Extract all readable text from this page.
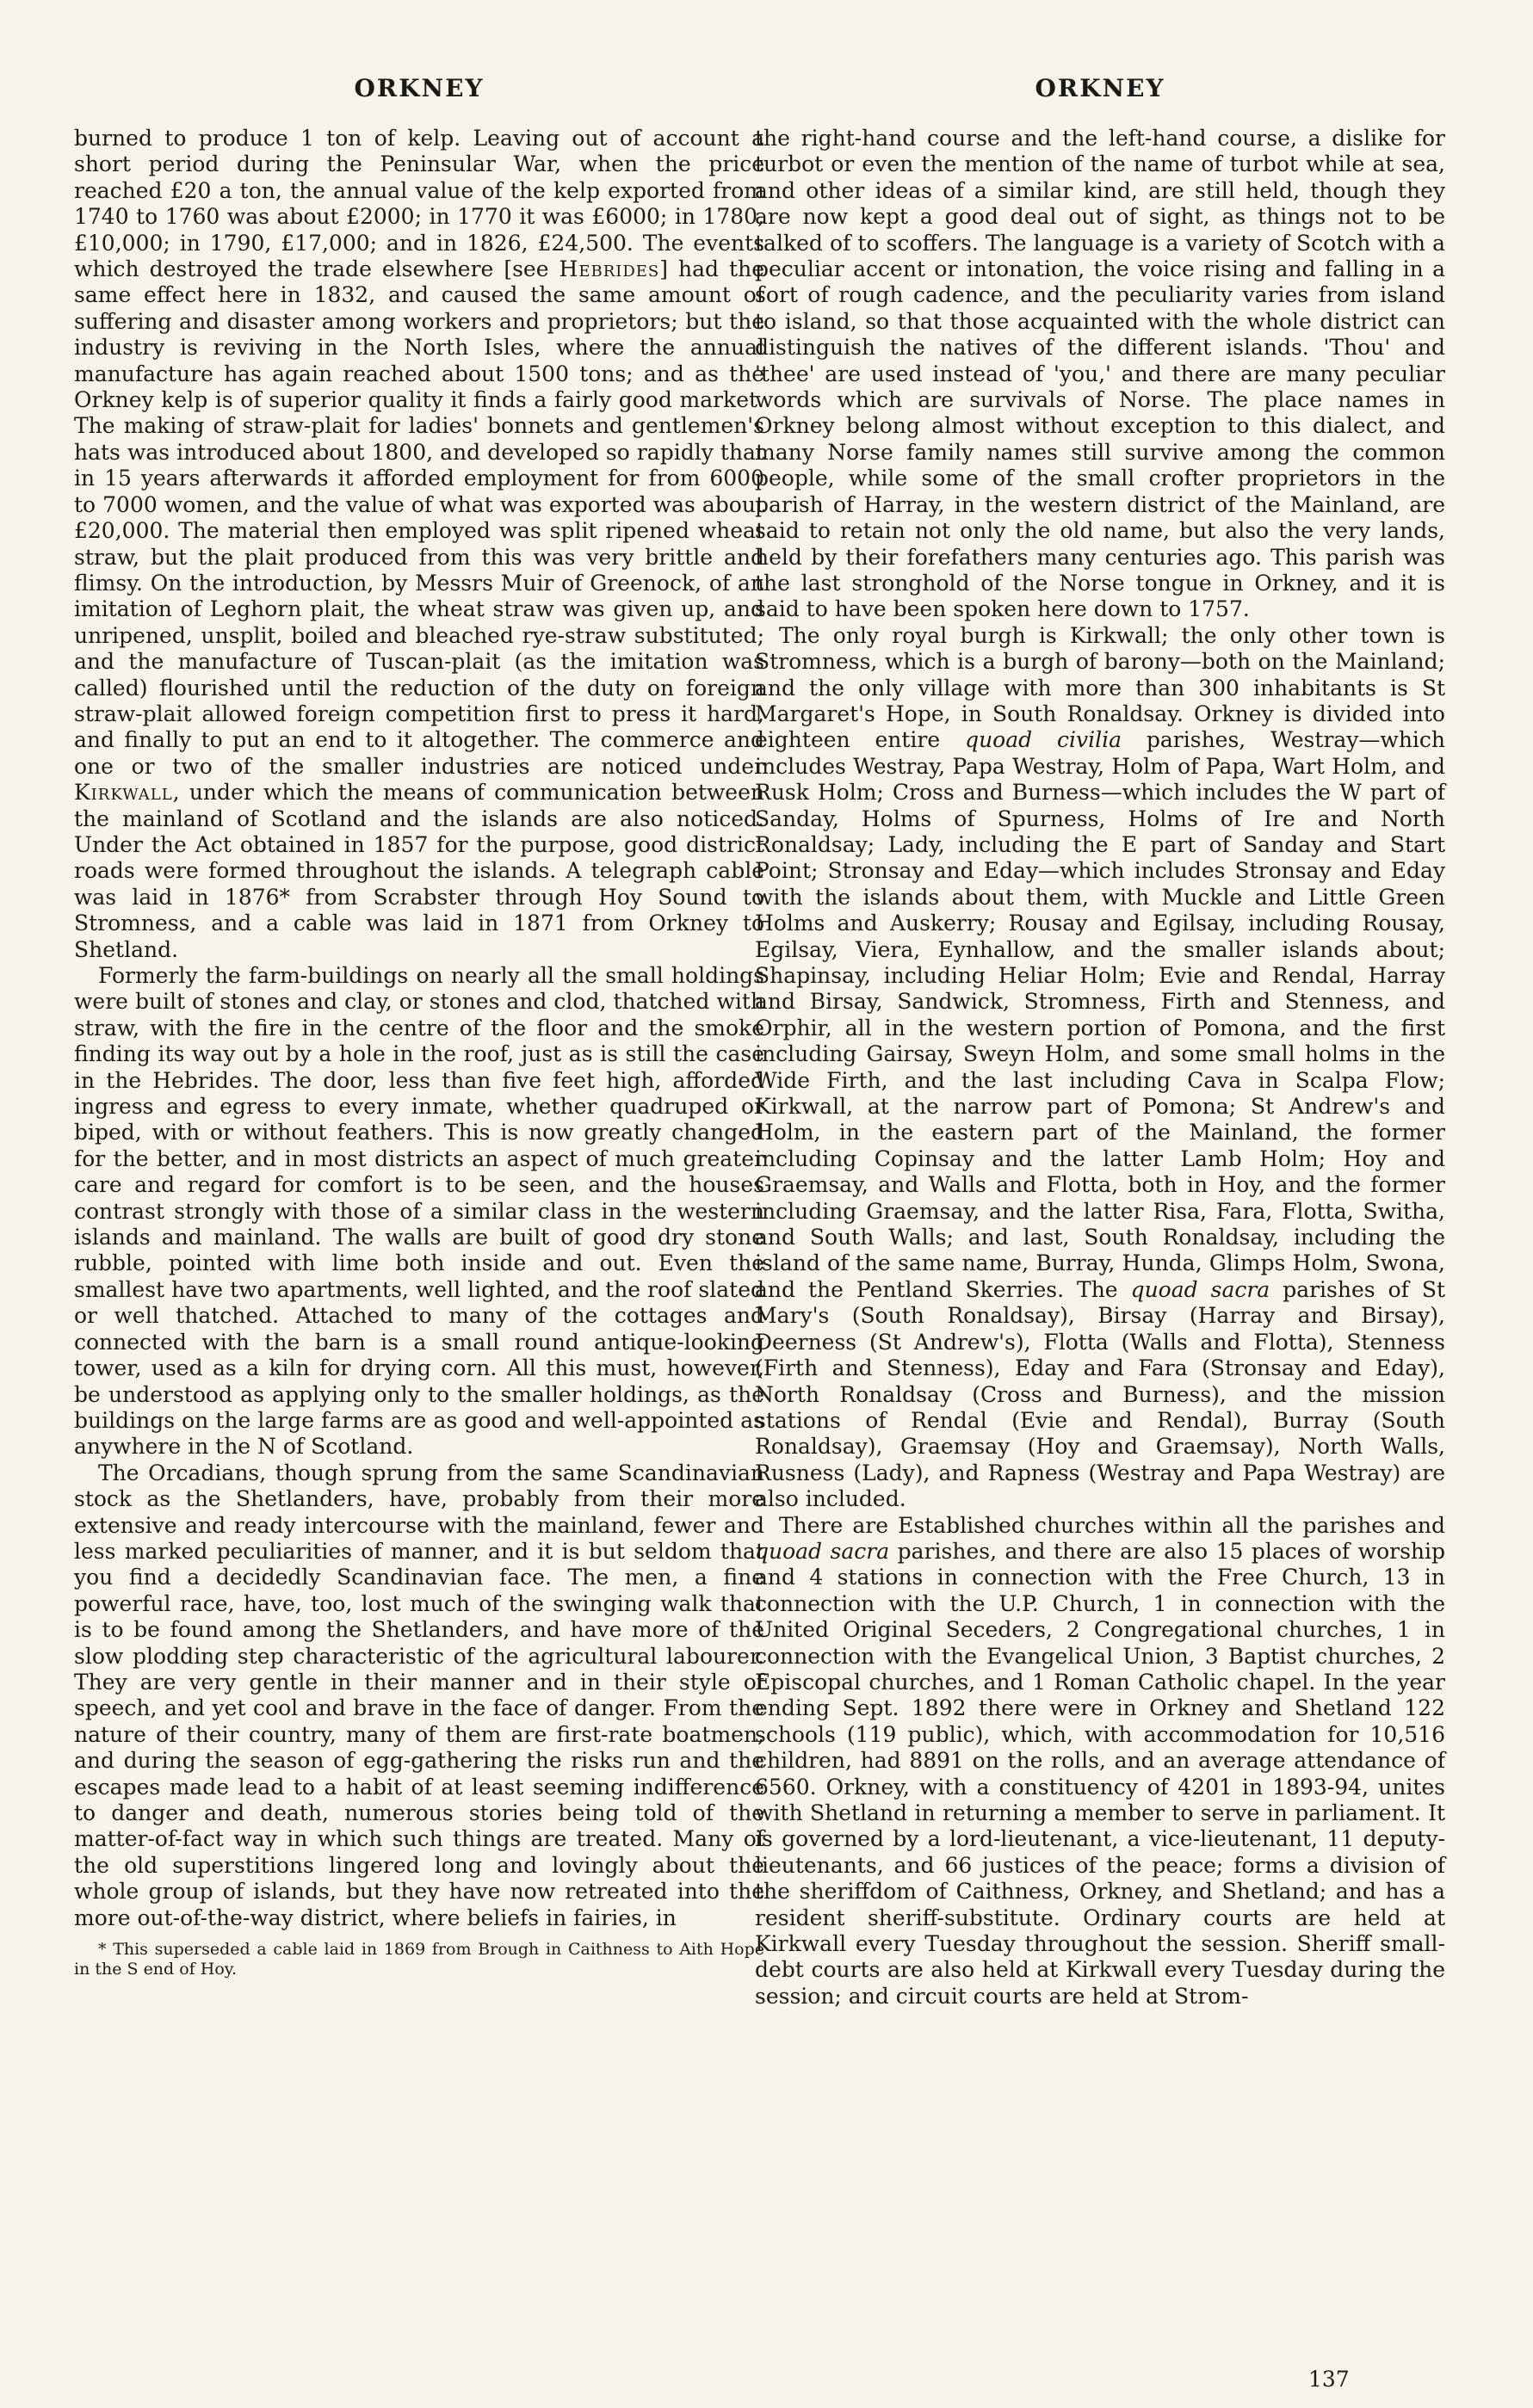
ORKNEY	ORKNEY

burned to produce 1 ton of kelp. Leaving out of account a short period during the Peninsular War, when the price reached £20 a ton, the annual value of the kelp exported from 1740 to 1760 was about £2000; in 1770 it was £6000; in 1780, £10,000; in 1790, £17,000; and in 1826, £24,500. The events which destroyed the trade elsewhere [see Hebrides] had the same effect here in 1832, and caused the same amount of suffering and disaster among workers and proprietors; but the industry is reviving in the North Isles, where the annual manufacture has again reached about 1500 tons; and as the Orkney kelp is of superior quality it finds a fairly good market. The making of straw-plait for ladies' bonnets and gentlemen's hats was introduced about 1800, and developed so rapidly that in 15 years afterwards it afforded employment for from 6000 to 7000 women, and the value of what was exported was about £20,000. The material then employed was split ripened wheat straw, but the plait produced from this was very brittle and flimsy. On the introduction, by Messrs Muir of Greenock, of an imitation of Leghorn plait, the wheat straw was given up, and unripened, unsplit, boiled and bleached rye-straw substituted; and the manufacture of Tuscan-plait (as the imitation was called) flourished until the reduction of the duty on foreign straw-plait allowed foreign competition first to press it hard, and finally to put an end to it altogether. The commerce and one or two of the smaller industries are noticed under Kirkwall, under which the means of communication between the mainland of Scotland and the islands are also noticed. Under the Act obtained in 1857 for the purpose, good district roads were formed throughout the islands. A telegraph cable was laid in 1876* from Scrabster through Hoy Sound to Stromness, and a cable was laid in 1871 from Orkney to Shetland.

Formerly the farm-buildings on nearly all the small holdings were built of stones and clay, or stones and clod, thatched with straw, with the fire in the centre of the floor and the smoke finding its way out by a hole in the roof, just as is still the case in the Hebrides. The door, less than five feet high, afforded ingress and egress to every inmate, whether quadruped or biped, with or without feathers. This is now greatly changed for the better, and in most districts an aspect of much greater care and regard for comfort is to be seen, and the houses contrast strongly with those of a similar class in the western islands and mainland. The walls are built of good dry stone rubble, pointed with lime both inside and out. Even the smallest have two apartments, well lighted, and the roof slated or well thatched. Attached to many of the cottages and connected with the barn is a small round antique-looking tower, used as a kiln for drying corn. All this must, however, be understood as applying only to the smaller holdings, as the buildings on the large farms are as good and well-appointed as anywhere in the N of Scotland.

The Orcadians, though sprung from the same Scandinavian stock as the Shetlanders, have, probably from their more extensive and ready intercourse with the mainland, fewer and less marked peculiarities of manner, and it is but seldom that you find a decidedly Scandinavian face. The men, a fine powerful race, have, too, lost much of the swinging walk that is to be found among the Shetlanders, and have more of the slow plodding step characteristic of the agricultural labourer. They are very gentle in their manner and in their style of speech, and yet cool and brave in the face of danger. From the nature of their country, many of them are first-rate boatmen, and during the season of egg-gathering the risks run and the escapes made lead to a habit of at least seeming indifference to danger and death, numerous stories being told of the matter-of-fact way in which such things are treated. Many of the old superstitions lingered long and lovingly about the whole group of islands, but they have now retreated into the more out-of-the-way district, where beliefs in fairies, in

* This superseded a cable laid in 1869 from Brough in Caithness to Aith Hope in the S end of Hoy.

the right-hand course and the left-hand course, a dislike for turbot or even the mention of the name of turbot while at sea, and other ideas of a similar kind, are still held, though they are now kept a good deal out of sight, as things not to be talked of to scoffers. The language is a variety of Scotch with a peculiar accent or intonation, the voice rising and falling in a sort of rough cadence, and the peculiarity varies from island to island, so that those acquainted with the whole district can distinguish the natives of the different islands. 'Thou' and 'thee' are used instead of 'you,' and there are many peculiar words which are survivals of Norse. The place names in Orkney belong almost without exception to this dialect, and many Norse family names still survive among the common people, while some of the small crofter proprietors in the parish of Harray, in the western district of the Mainland, are said to retain not only the old name, but also the very lands, held by their forefathers many centuries ago. This parish was the last stronghold of the Norse tongue in Orkney, and it is said to have been spoken here down to 1757.

The only royal burgh is Kirkwall; the only other town is Stromness, which is a burgh of barony—both on the Mainland; and the only village with more than 300 inhabitants is St Margaret's Hope, in South Ronaldsay. Orkney is divided into eighteen entire quoad civilia parishes, Westray—which includes Westray, Papa Westray, Holm of Papa, Wart Holm, and Rusk Holm; Cross and Burness—which includes the W part of Sanday, Holms of Spurness, Holms of Ire and North Ronaldsay; Lady, including the E part of Sanday and Start Point; Stronsay and Eday—which includes Stronsay and Eday with the islands about them, with Muckle and Little Green Holms and Auskerry; Rousay and Egilsay, including Rousay, Egilsay, Viera, Eynhallow, and the smaller islands about; Shapinsay, including Heliar Holm; Evie and Rendal, Harray and Birsay, Sandwick, Stromness, Firth and Stenness, and Orphir, all in the western portion of Pomona, and the first including Gairsay, Sweyn Holm, and some small holms in the Wide Firth, and the last including Cava in Scalpa Flow; Kirkwall, at the narrow part of Pomona; St Andrew's and Holm, in the eastern part of the Mainland, the former including Copinsay and the latter Lamb Holm; Hoy and Graemsay, and Walls and Flotta, both in Hoy, and the former including Graemsay, and the latter Risa, Fara, Flotta, Switha, and South Walls; and last, South Ronaldsay, including the island of the same name, Burray, Hunda, Glimps Holm, Swona, and the Pentland Skerries. The quoad sacra parishes of St Mary's (South Ronaldsay), Birsay (Harray and Birsay), Deerness (St Andrew's), Flotta (Walls and Flotta), Stenness (Firth and Stenness), Eday and Fara (Stronsay and Eday), North Ronaldsay (Cross and Burness), and the mission stations of Rendal (Evie and Rendal), Burray (South Ronaldsay), Graemsay (Hoy and Graemsay), North Walls, Rusness (Lady), and Rapness (Westray and Papa Westray) are also included.

There are Established churches within all the parishes and quoad sacra parishes, and there are also 15 places of worship and 4 stations in connection with the Free Church, 13 in connection with the U.P. Church, 1 in connection with the United Original Seceders, 2 Congregational churches, 1 in connection with the Evangelical Union, 3 Baptist churches, 2 Episcopal churches, and 1 Roman Catholic chapel. In the year ending Sept. 1892 there were in Orkney and Shetland 122 schools (119 public), which, with accommodation for 10,516 children, had 8891 on the rolls, and an average attendance of 6560. Orkney, with a constituency of 4201 in 1893-94, unites with Shetland in returning a member to serve in parliament. It is governed by a lord-lieutenant, a vice-lieutenant, 11 deputy-lieutenants, and 66 justices of the peace; forms a division of the sheriffdom of Caithness, Orkney, and Shetland; and has a resident sheriff-substitute. Ordinary courts are held at Kirkwall every Tuesday throughout the session. Sheriff small-debt courts are also held at Kirkwall every Tuesday during the session; and circuit courts are held at Strom-

137
